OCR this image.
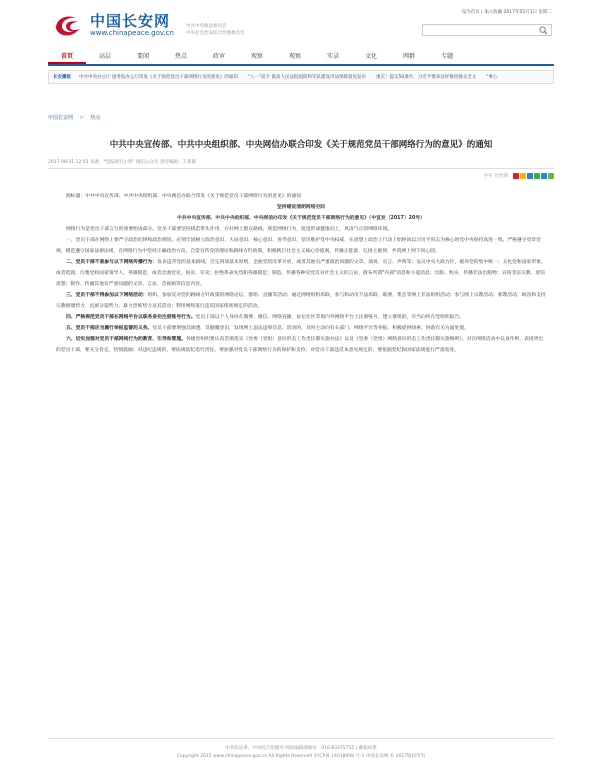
中国长安网
www.chinapeace.gov.cn
中共中央政法委员会
中央社会治安综合治理委员会
设为首页 | 加入收藏 2017年05月1日 星期二
首页	高层	要闻	热点	政审	观察	观察	实录	文化	网群	专题
长安播报	中共中央办公厅 国务院办公厅印发《关于规范党员干部网络行为的意见》的通知 "八一"前夕 最高人民法院国防和军队建设司法保障意见发布 重庆！提交50条年，习近平要求这样推进群众全文 "事心
中国长安网 > 热点
中共中央宣传部、中共中央组织部、中央网信办联合印发《关于规范党员干部网络行为的意见》的通知
2017-08-31 12:01 来源："党报研究小组" 微信公众号 责任编辑：王莉静
字号 分享到：

源标题：中共中央宣传部、中共中央组织部、中央网信办联合印发《关于规范党员干部网络行为的意见》的通知

坚持建设清朗网络空间

中共中央宣传部、中共中央组织部、中央网信办印发《关于规范党员干部网络行为的意见》（中宣发〔2017〕20号）

网络行为是党员干部言行的重要组成部分。党员干部要坚持模范带头作用，在好网上群众路线，规范网络行为，促进形成健康向上、风清气正的网络环境。

一、党员干部在网络上要严守政治纪律和政治规矩。必须牢固树立政治意识、大局意识、核心意识、看齐意识，坚决维护党中央权威，在思想上政治上行动上始终同以习近平同志为核心的党中央保持高度一致。严格遵守党章党规，模范遵守国家法律法规，在网络行为中坚持正确政治方向，自觉宣传党的理论和路线方针政策，积极践行社会主义核心价值观，传播正能量、弘扬主旋律，共筑网上网下同心圆。

二、党员干部不准参与以下网络传播行为：发表违背党的基本路线，否定四项基本原则，歪曲党的改革开放，或者其他有严重政治问题的文章、演说、宣言、声明等；妄议中央大政方针，破坏党的集中统一；丑化党和国家形象，或者诋毁、污蔑党和国家领导人、英雄模范，或者歪曲党史、国史、军史；拒绝革命先烈和英雄模范；制造、传播各种反党反对社会主义的言论，散布所谓"内部"消息和小道消息；出版、购买、传播非法出版物；宣扬非法宗教、迷信思想；制作、传播其他有严重问题的文章、言论、音视频等信息内容。

三、党员干部不得参加以下网络活动：组织、参加反对党的路线方针政策的网络论坛、群组、直播等活动；通过网络组织串联，参与和动员不法串联、联署、集会等网上非法组织活动；参与网上宗教活动、邪教活动，纵容和支持宗教极端势力、民族分裂势力、暴力恐怖势力及其活动；利用网络进行违反国家保密规定的活动。

四、严格规范党员干部在网络平台以职务身份注册账号行为。党员干部以个人身份在微博、微信、网络直播、论坛社区等境内外网络平台上注册账号、建立群组的，应当向所在党组织报告。

五、党员干部应当履行举报监督的义务。党员干部要增强反渗透、反颠覆意识，发现网上违法违规信息、活动的，及时主动向有关部门、网络平台等举报，积极提供线索，协助有关方面处置。

六、切实加强对党员干部网络行为的教育、引导和管理。各级党组织要认真贯彻落实《党委（党组）意识形态工作责任制实施办法》以及《党委（党组）网络意识形态工作责任制实施细则》。对在网络活动中以身作则、表现突出的党员干部，要充分肯定、热情鼓励；对违纪违规的，要依规依纪追究责任。要加强对党员干部网络行为的保护和支持；对党员干部违反本意见规定的，要依据党纪和国家法规进行严肃查处。

中共政法委、中央综合治理办 网站编辑部地址：010-83375755 | 邮箱如果
Copyright 2015 www.chinapeace.gov.cn All Rights Reserved 京ICP备 14018958 号-1 中国长安网 © 2017版权所有
